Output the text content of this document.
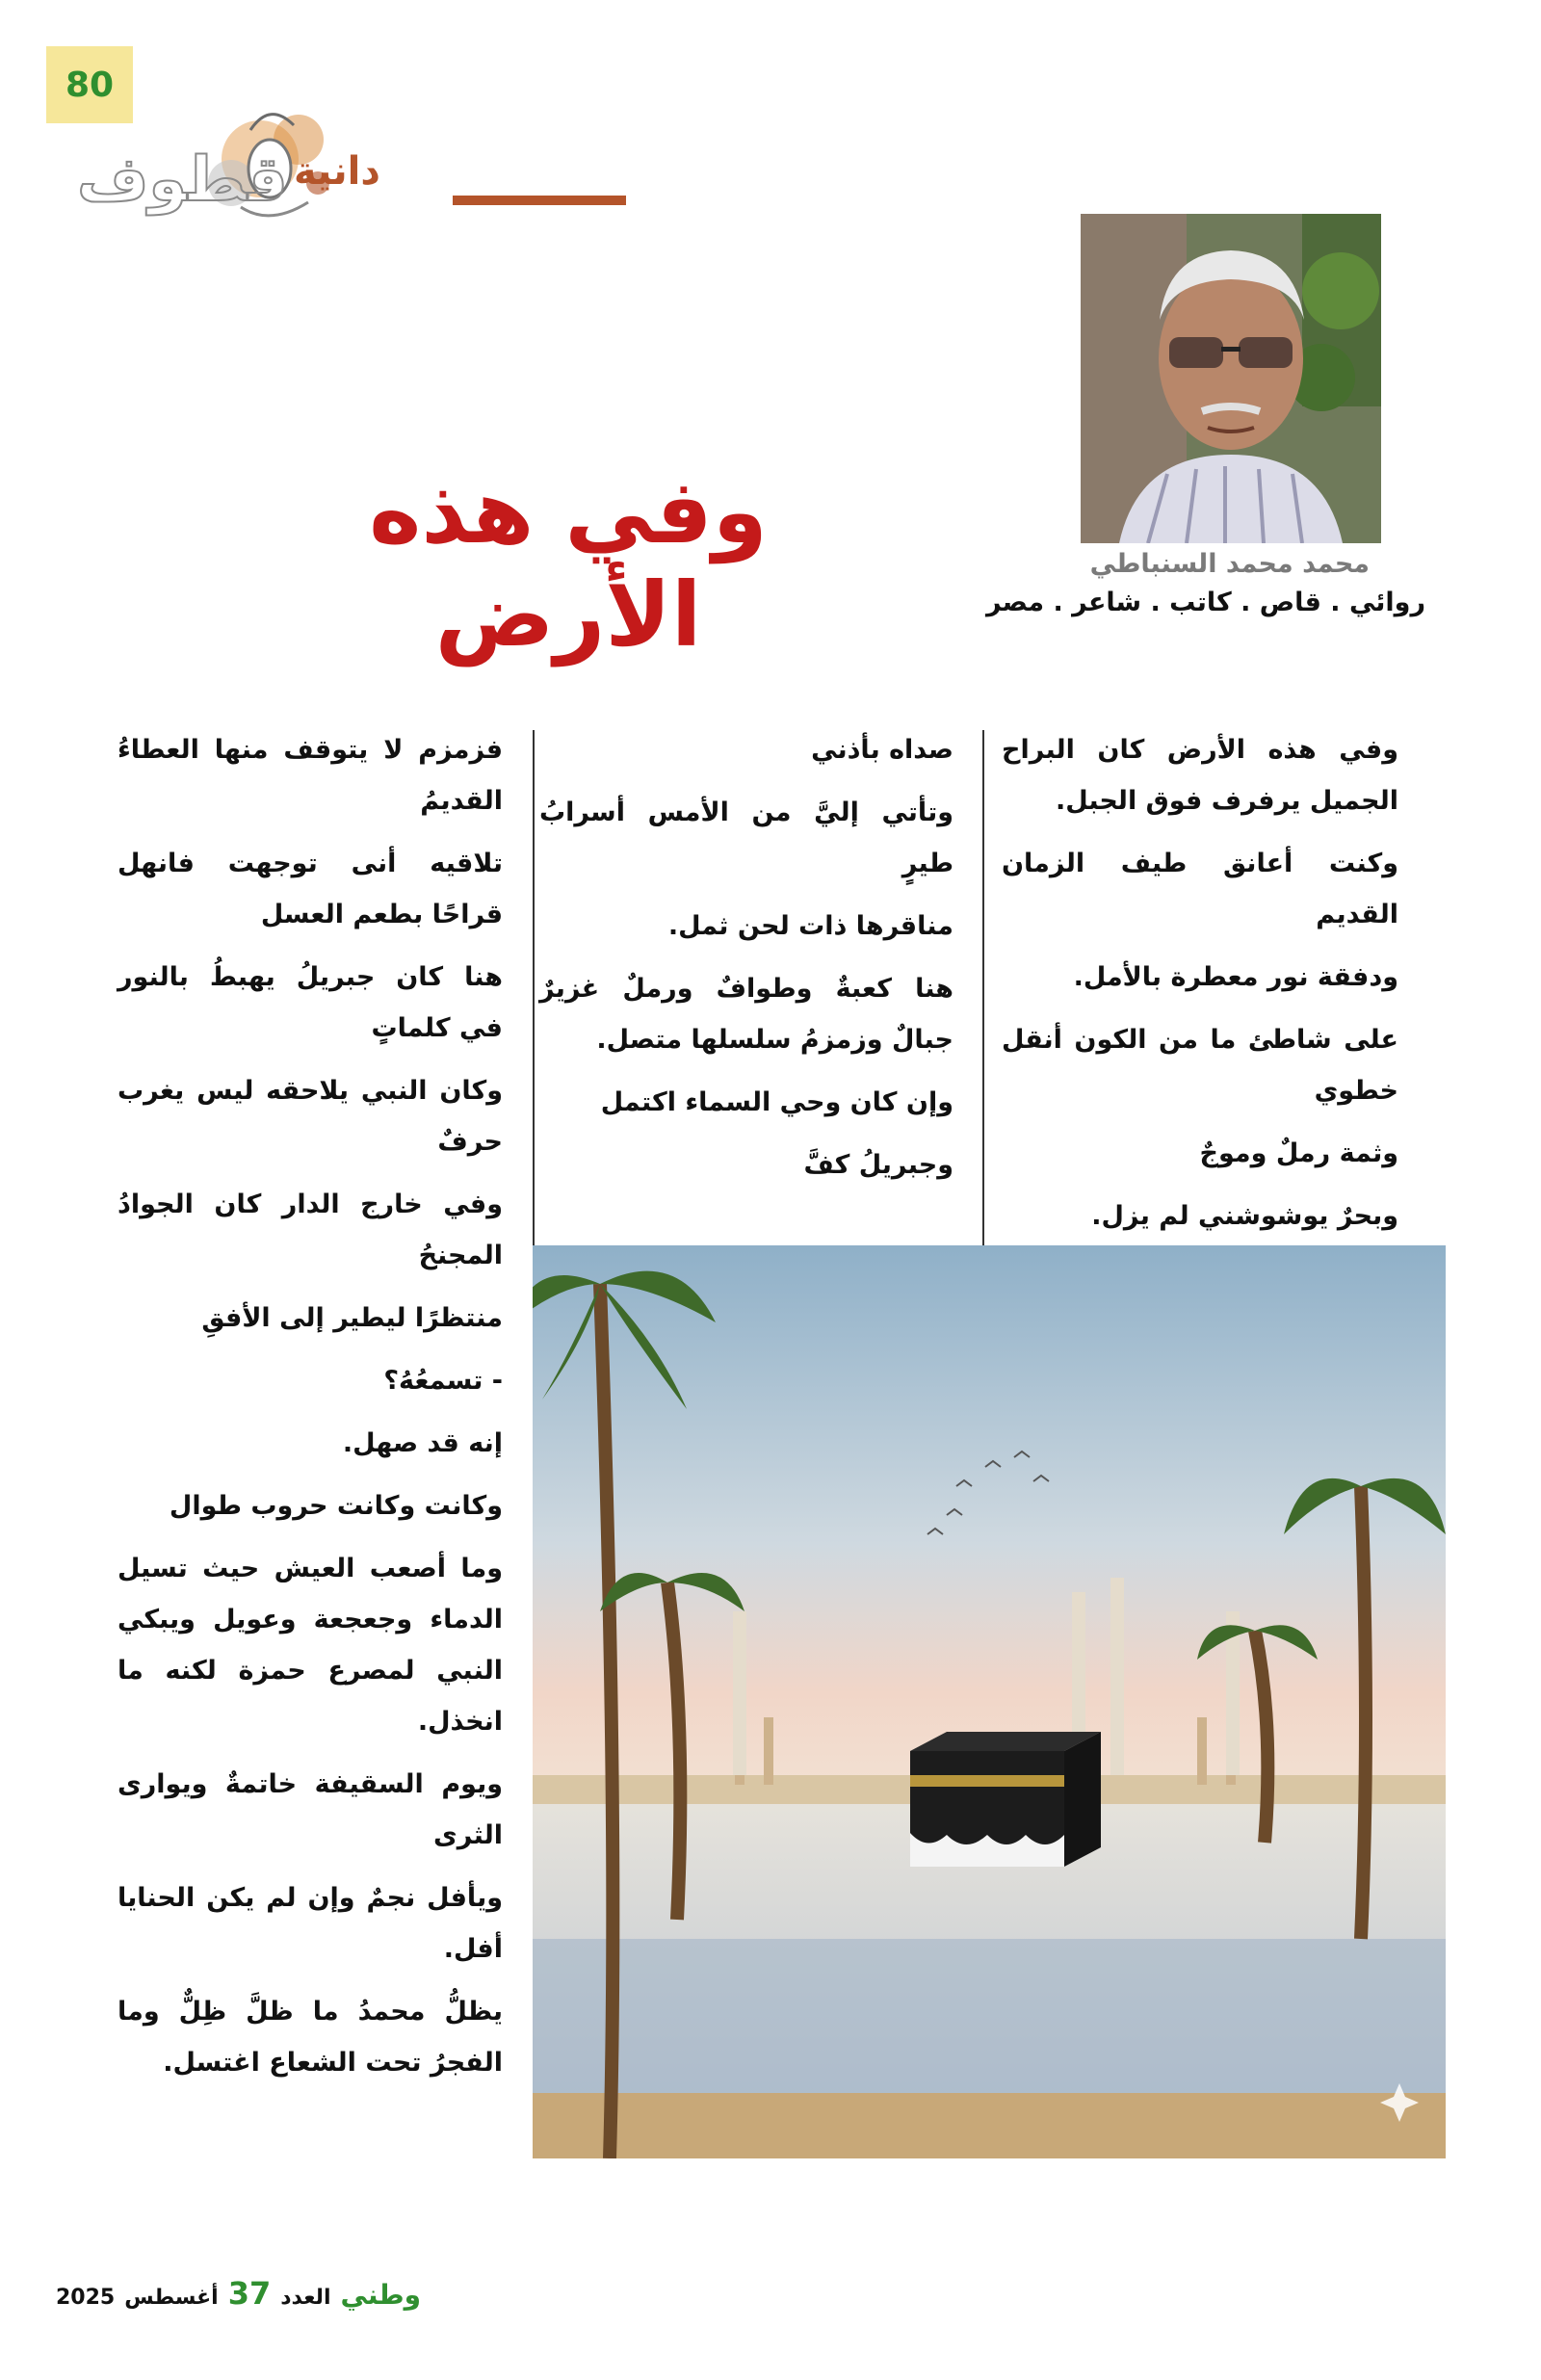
80
قطوف دانية
محمد محمد السنباطي
روائي . قاص . كاتب . شاعر . مصر
وفي هذه الأرض

وفي هذه الأرض كان البراح الجميل يرفرف فوق الجبل.

وكنت أعانق طيف الزمان القديم

ودفقة نور معطرة بالأمل.

على شاطئ ما من الكون أنقل خطوي

وثمة رملٌ وموجٌ

وبحرٌ يوشوشني لم يزل.

صداه بأذني

وتأتي إليَّ من الأمس أسرابُ طيرٍ

مناقرها ذات لحن ثمل.

هنا كعبةٌ وطوافٌ ورملٌ غزيرٌ جبالٌ وزمزمُ سلسلها متصل.

وإن كان وحي السماء اكتمل

وجبريلُ كفَّ

فزمزم لا يتوقف منها العطاءُ القديمُ

تلاقيه أنى توجهت فانهل قراحًا بطعم العسل

هنا كان جبريلُ يهبطُ بالنور في كلماتٍ

وكان النبي يلاحقه ليس يغرب حرفٌ

وفي خارج الدار كان الجوادُ المجنحُ

منتظرًا ليطير إلى الأفقِ

- تسمعُهُ؟

إنه قد صهل.

وكانت وكانت حروب طوال

وما أصعب العيش حيث تسيل الدماء وجعجعة وعويل ويبكي النبي لمصرع حمزة لكنه ما انخذل.

ويوم السقيفة خاتمةٌ ويوارى الثرى

ويأفل نجمٌ وإن لم يكن الحنايا أفل.

يظلُّ محمدُ ما ظلَّ ظِلٌّ وما الفجرُ تحت الشعاع اغتسل.

2025 أغسطس 37 العدد وطني
